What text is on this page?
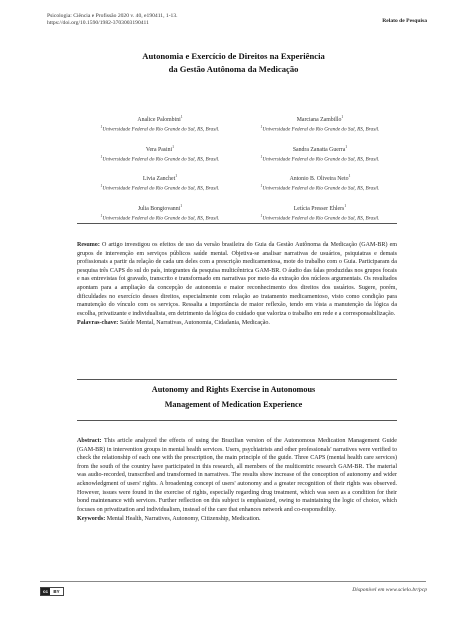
Psicologia: Ciência e Profissão 2020 v. 40, e190411, 1-13.
https://doi.org/10.1590/1982-3703003190411	Relato de Pesquisa
Autonomia e Exercício de Direitos na Experiência
da Gestão Autônoma da Medicação
Analice Palombini$^1$
$^1$Universidade Federal do Rio Grande do Sul, RS, Brasil.
Marciana Zambillo$^1$
$^1$Universidade Federal do Rio Grande do Sul, RS, Brasil.
Vera Pasini$^1$
$^1$Universidade Federal do Rio Grande do Sul, RS, Brasil.
Sandra Zanatta Guerra$^1$
$^1$Universidade Federal do Rio Grande do Sul, RS, Brasil.
Livia Zanchet$^1$
$^1$Universidade Federal do Rio Grande do Sul, RS, Brasil.
Antonio B. Oliveira Neto$^1$
$^1$Universidade Federal do Rio Grande do Sul, RS, Brasil.
Julia Bongiovanni$^1$
$^1$Universidade Federal do Rio Grande do Sul, RS, Brasil.
Letícia Presser Ehlers$^1$
$^1$Universidade Federal do Rio Grande do Sul, RS, Brasil.
Resumo: O artigo investigou os efeitos de uso da versão brasileira do Guia da Gestão Autônoma da Medicação (GAM-BR) em grupos de intervenção em serviços públicos saúde mental. Objetiva-se analisar narrativas de usuários, psiquiatras e demais profissionais a partir da relação de cada um deles com a prescrição medicamentosa, mote do trabalho com o Guia. Participaram da pesquisa três CAPS do sul do país, integrantes da pesquisa multicêntrica GAM-BR. O áudio das falas produzidas nos grupos focais e nas entrevistas foi gravado, transcrito e transformado em narrativas por meio da extração dos núcleos argumentais. Os resultados apontam para a ampliação da concepção de autonomia e maior reconhecimento dos direitos dos usuários. Sugere, porém, dificuldades no exercício desses direitos, especialmente com relação ao tratamento medicamentoso, visto como condição para manutenção do vínculo com os serviços. Ressalta a importância de maior reflexão, tendo em vista a manutenção da lógica da escolha, privatizante e individualista, em detrimento da lógica do cuidado que valoriza o trabalho em rede e a corresponsabilização.
Palavras-chave: Saúde Mental, Narrativas, Autonomia, Cidadania, Medicação.
Autonomy and Rights Exercise in Autonomous
Management of Medication Experience
Abstract: This article analyzed the effects of using the Brazilian version of the Autonomous Medication Management Guide (GAM-BR) in intervention groups in mental health services. Users, psychiatrists and other professionals' narratives were verified to check the relationship of each one with the prescription, the main principle of the guide. Three CAPS (mental health care services) from the south of the country have participated in this research, all members of the multicentric research GAM-BR. The material was audio-recorded, transcribed and transformed in narratives. The results show increase of the conception of autonomy and wider acknowledgment of users' rights. A broadening concept of users' autonomy and a greater recognition of their rights was observed. However, issues were found in the exercise of rights, especially regarding drug treatment, which was seen as a condition for their bond maintenance with services. Further reflection on this subject is emphasized, owing to maintaining the logic of choice, which focuses on privatization and individualism, instead of the care that enhances network and co-responsibility.
Keywords: Mental Health, Narratives, Autonomy, Citizenship, Medication.
cc	BY	Disponível em www.scielo.br/pcp
